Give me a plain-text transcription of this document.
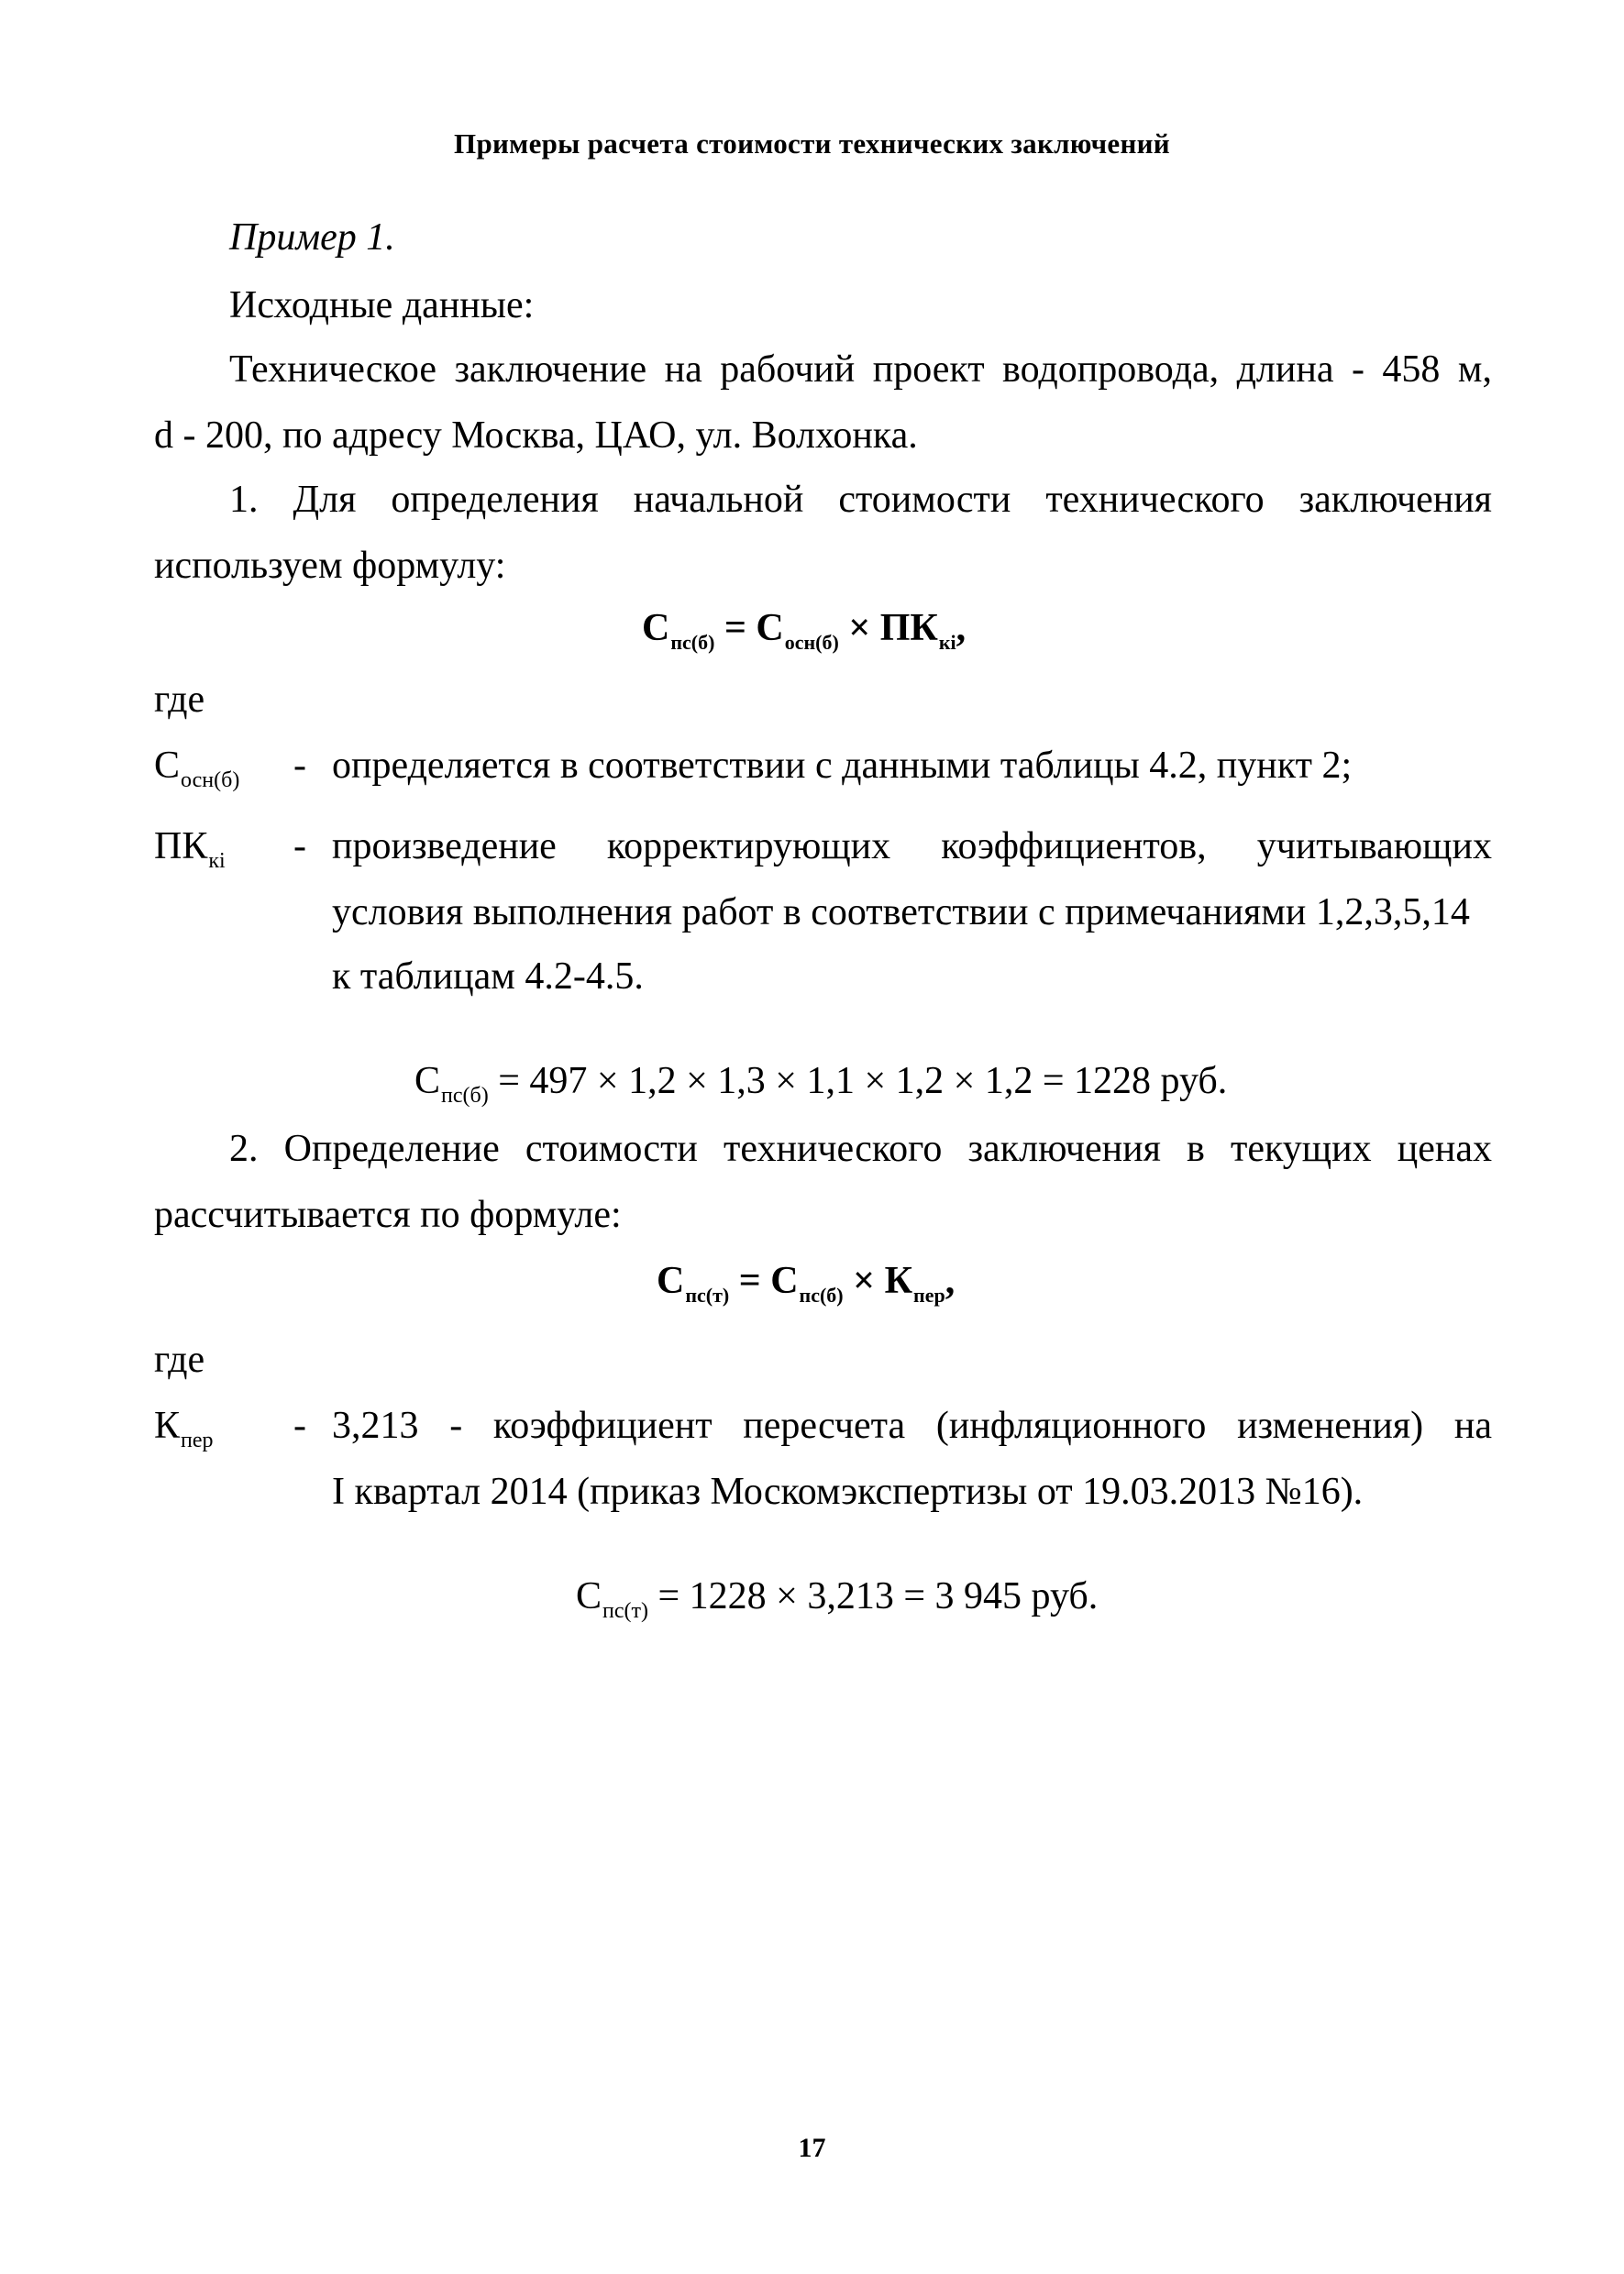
Примеры расчета стоимости технических заключений
Пример 1.
Исходные данные:
Техническое заключение на рабочий проект водопровода, длина - 458 м,
d - 200, по адресу Москва, ЦАО, ул. Волхонка.
1. Для определения начальной стоимости технического заключения
используем формулу:
$С_{пс(б)} = С_{осн(б)} \times ПК_{кі}$,
где
$С_{осн(б)}$ - определяется в соответствии с данными таблицы 4.2, пункт 2;
$ПК_{кі}$ - произведение корректирующих коэффициентов, учитывающих
условия выполнения работ в соответствии с примечаниями 1,2,3,5,14
к таблицам 4.2-4.5.
$С_{пс(б)} = 497 \times 1,2 \times 1,3 \times 1,1 \times 1,2 \times 1,2 = 1228$ руб.
2. Определение стоимости технического заключения в текущих ценах
рассчитывается по формуле:
$С_{пс(т)} = С_{пс(б)} \times К_{пер}$,
где
$К_{пер} - 3,213$ - коэффициент пересчета (инфляционного изменения) на
I квартал 2014 (приказ Москомэкспертизы от 19.03.2013 №16).
$С_{пс(т)} = 1228 \times 3,213 = 3$ 945 руб.
17
